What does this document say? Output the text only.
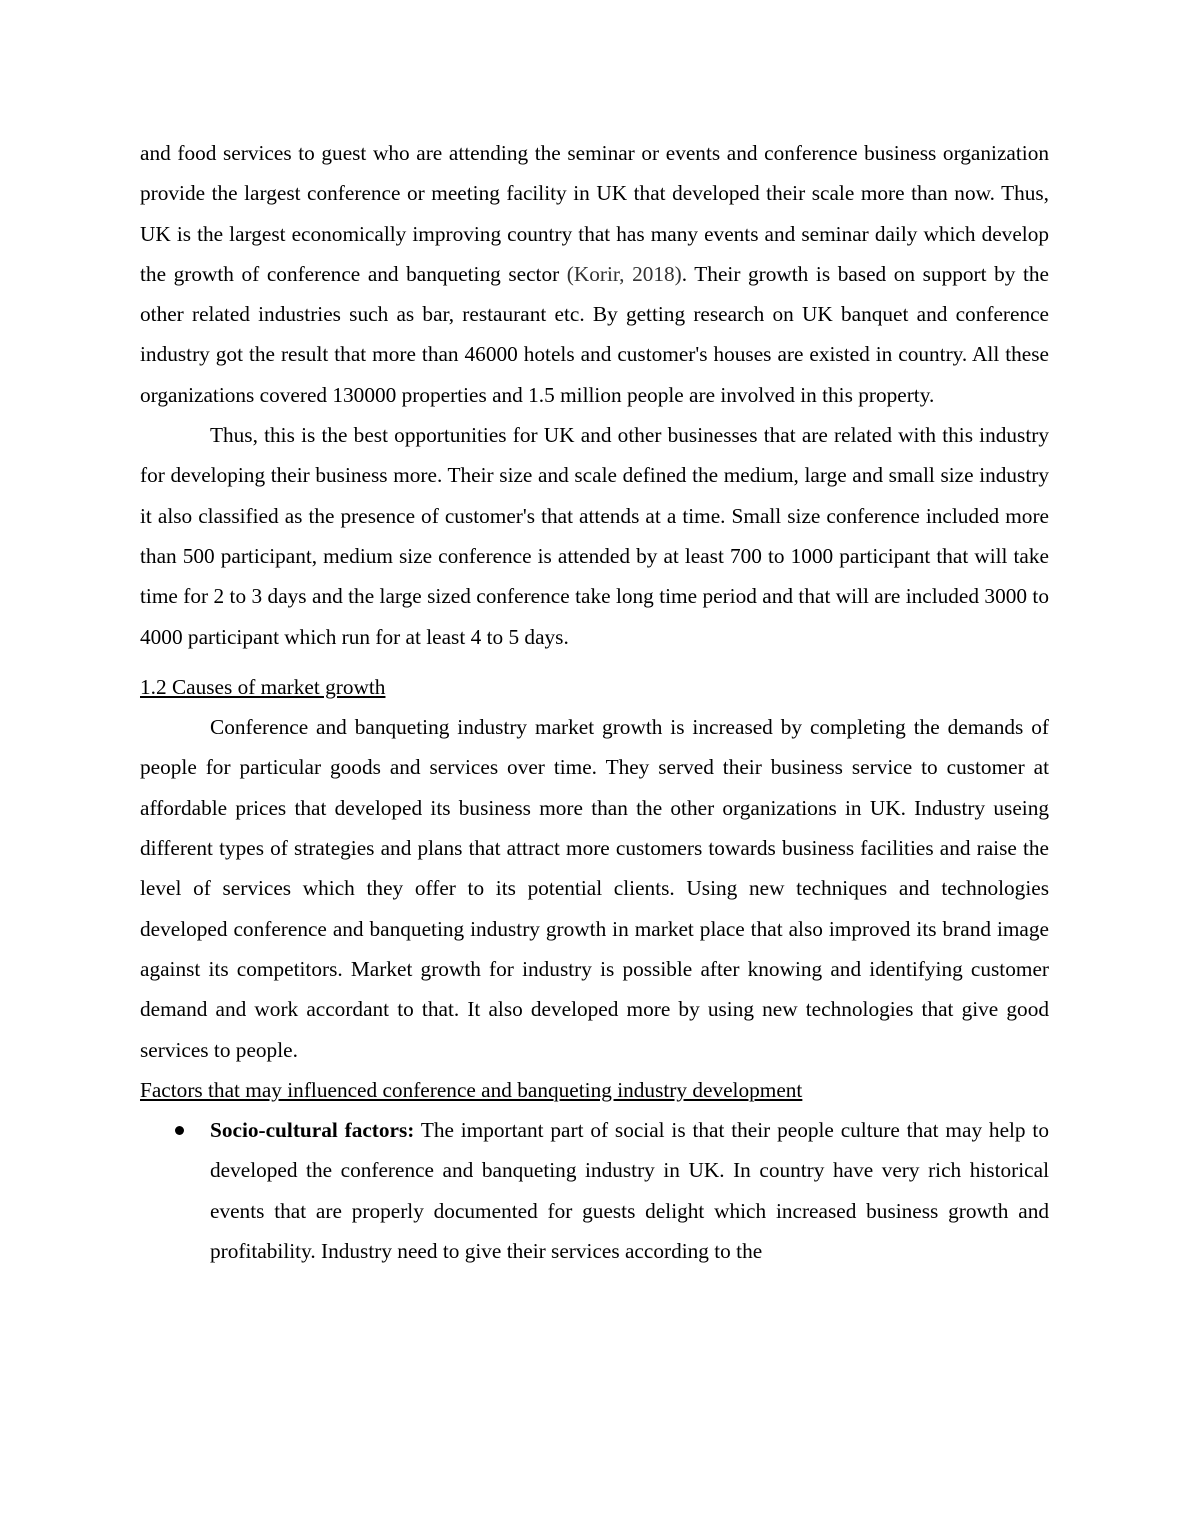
and food services to guest who are attending the seminar or events and conference business organization provide the largest conference or meeting facility in UK that developed their scale more than now. Thus, UK is the largest economically improving country that has many events and seminar daily which develop the growth of conference and banqueting sector (Korir, 2018). Their growth is based on support by the other related industries such as bar, restaurant etc. By getting research on UK banquet and conference industry got the result that more than 46000 hotels and customer's houses are existed in country. All these organizations covered 130000 properties and 1.5 million people are involved in this property.

Thus, this is the best opportunities for UK and other businesses that are related with this industry for developing their business more. Their size and scale defined the medium, large and small size industry it also classified as the presence of customer's that attends at a time. Small size conference included more than 500 participant, medium size conference is attended by at least 700 to 1000 participant that will take time for 2 to 3 days and the large sized conference take long time period and that will are included 3000 to 4000 participant which run for at least 4 to 5 days.

1.2 Causes of market growth

Conference and banqueting industry market growth is increased by completing the demands of people for particular goods and services over time. They served their business service to customer at affordable prices that developed its business more than the other organizations in UK. Industry useing different types of strategies and plans that attract more customers towards business facilities and raise the level of services which they offer to its potential clients. Using new techniques and technologies developed conference and banqueting industry growth in market place that also improved its brand image against its competitors. Market growth for industry is possible after knowing and identifying customer demand and work accordant to that. It also developed more by using new technologies that give good services to people.

Factors that may influenced conference and banqueting industry development

Socio-cultural factors: The important part of social is that their people culture that may help to developed the conference and banqueting industry in UK. In country have very rich historical events that are properly documented for guests delight which increased business growth and profitability. Industry need to give their services according to the
